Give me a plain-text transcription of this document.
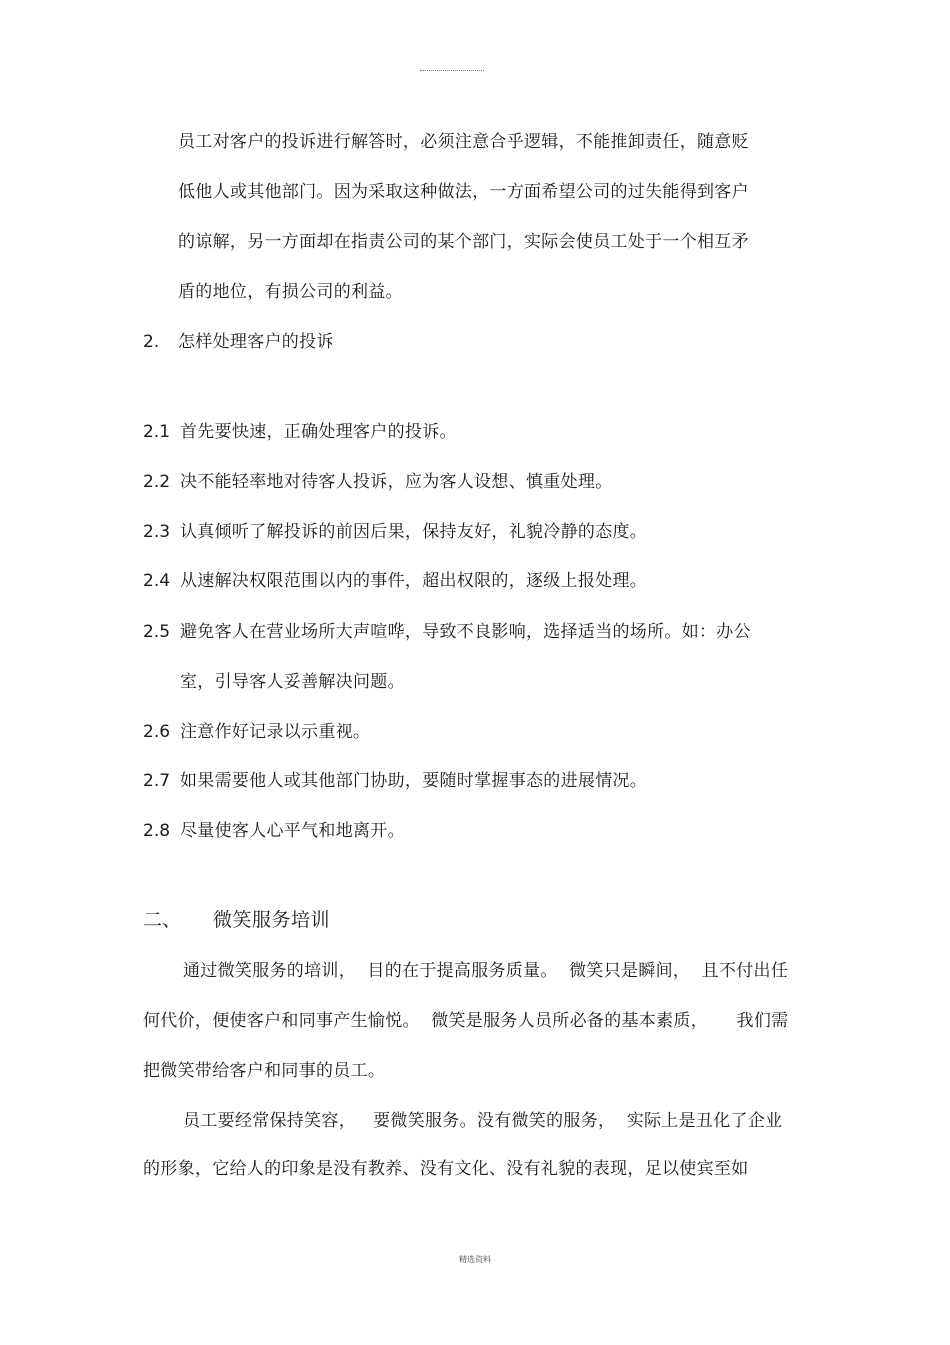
员工对客户的投诉进行解答时，必须注意合乎逻辑，不能推卸责任，随意贬
低他人或其他部门。因为采取这种做法，一方面希望公司的过失能得到客户
的谅解，另一方面却在指责公司的某个部门，实际会使员工处于一个相互矛
盾的地位，有损公司的利益。
2. 怎样处理客户的投诉
2.1 首先要快速，正确处理客户的投诉。
2.2 决不能轻率地对待客人投诉，应为客人设想、慎重处理。
2.3 认真倾听了解投诉的前因后果，保持友好，礼貌冷静的态度。
2.4 从速解决权限范围以内的事件，超出权限的，逐级上报处理。
2.5 避免客人在营业场所大声喧哗，导致不良影响，选择适当的场所。如：办公
室，引导客人妥善解决问题。
2.6 注意作好记录以示重视。
2.7 如果需要他人或其他部门协助，要随时掌握事态的进展情况。
2.8 尽量使客人心平气和地离开。
二、 微笑服务培训
通过微笑服务的培训，  目的在于提高服务质量。  微笑只是瞬间，  且不付出任
何代价，便使客户和同事产生愉悦。  微笑是服务人员所必备的基本素质，     我们需
把微笑带给客户和同事的员工。
员工要经常保持笑容，   要微笑服务。没有微笑的服务，  实际上是丑化了企业
的形象，它给人的印象是没有教养、没有文化、没有礼貌的表现，足以使宾至如
精选资料
